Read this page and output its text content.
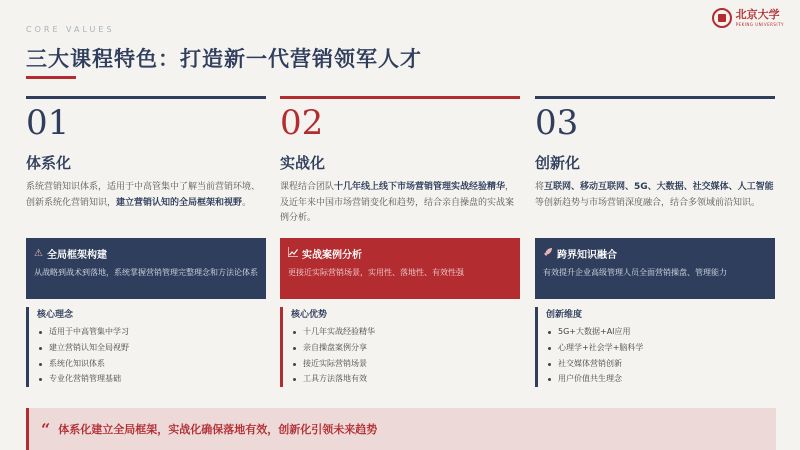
CORE VALUES
三大课程特色：打造新一代营销领军人才
北京大学
PEKING UNIVERSITY
01
体系化
系统营销知识体系，适用于中高管集中了解当前营销环境、创新系统化营销知识，建立营销认知的全局框架和视野。
⚠ 全局框架构建
从战略到战术到落地，系统掌握营销管理完整理念和方法论体系
核心理念
适用于中高管集中学习
建立营销认知全局视野
系统化知识体系
专业化营销管理基础
02
实战化
课程结合团队十几年线上线下市场营销管理实战经验精华，及近年来中国市场营销变化和趋势，结合亲自操盘的实战案例分析。
实战案例分析
更接近实际营销场景，实用性、落地性、有效性强
核心优势
十几年实战经验精华
亲自操盘案例分享
接近实际营销场景
工具方法落地有效
03
创新化
将互联网、移动互联网、5G、大数据、社交媒体、人工智能等创新趋势与市场营销深度融合，结合多领域前沿知识。
跨界知识融合
有效提升企业高级管理人员全面营销操盘、管理能力
创新维度
5G+大数据+AI应用
心理学+社会学+脑科学
社交媒体营销创新
用户价值共生理念
“ 体系化建立全局框架，实战化确保落地有效，创新化引领未来趋势
